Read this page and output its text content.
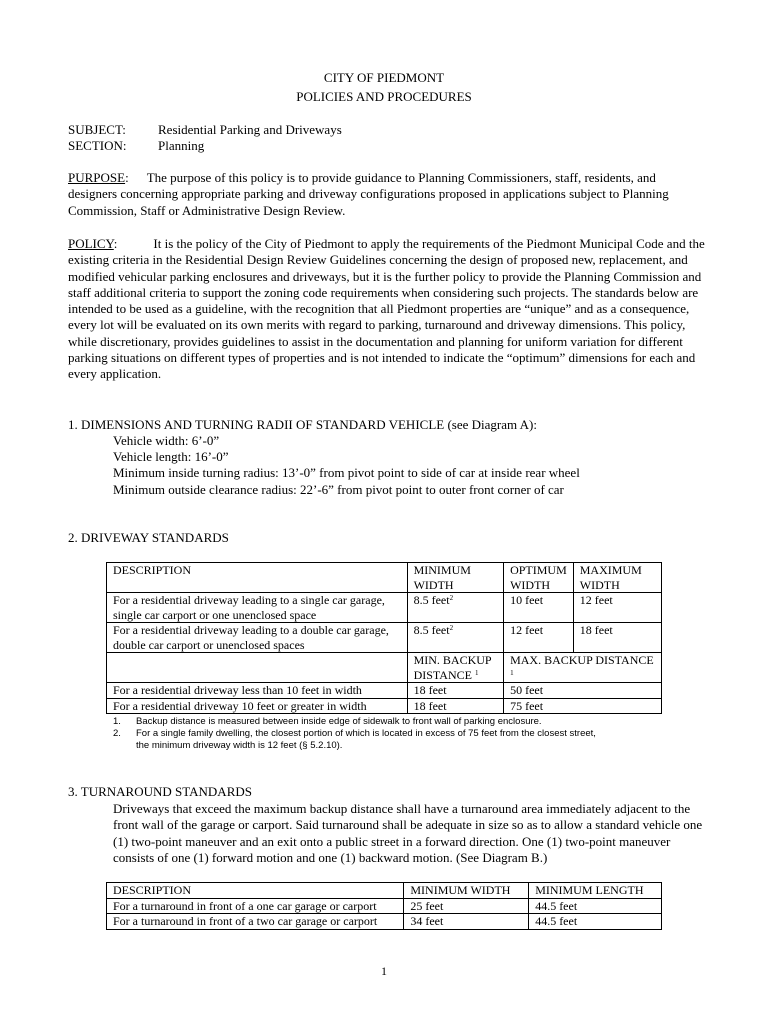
CITY OF PIEDMONT
POLICIES AND PROCEDURES
SUBJECT: Residential Parking and Driveways
SECTION: Planning
PURPOSE: The purpose of this policy is to provide guidance to Planning Commissioners, staff, residents, and designers concerning appropriate parking and driveway configurations proposed in applications subject to Planning Commission, Staff or Administrative Design Review.
POLICY:	It is the policy of the City of Piedmont to apply the requirements of the Piedmont Municipal Code and the existing criteria in the Residential Design Review Guidelines concerning the design of proposed new, replacement, and modified vehicular parking enclosures and driveways, but it is the further policy to provide the Planning Commission and staff additional criteria to support the zoning code requirements when considering such projects. The standards below are intended to be used as a guideline, with the recognition that all Piedmont properties are “unique” and as a consequence, every lot will be evaluated on its own merits with regard to parking, turnaround and driveway dimensions. This policy, while discretionary, provides guidelines to assist in the documentation and planning for uniform variation for different parking situations on different types of properties and is not intended to indicate the “optimum” dimensions for each and every application.
1. DIMENSIONS AND TURNING RADII OF STANDARD VEHICLE (see Diagram A):
Vehicle width: 6’-0”
Vehicle length: 16’-0”
Minimum inside turning radius: 13’-0” from pivot point to side of car at inside rear wheel
Minimum outside clearance radius: 22’-6” from pivot point to outer front corner of car
2. DRIVEWAY STANDARDS
DESCRIPTION	MINIMUM WIDTH	OPTIMUM WIDTH	MAXIMUM WIDTH
For a residential driveway leading to a single car garage, single car carport or one unenclosed space	8.5 feet$^2$	10 feet	12 feet
For a residential driveway leading to a double car garage, double car carport or unenclosed spaces	8.5 feet$^2$	12 feet	18 feet
	MIN. BACKUP DISTANCE $^1$	MAX. BACKUP DISTANCE $^1$
For a residential driveway less than 10 feet in width	18 feet	50 feet	
For a residential driveway 10 feet or greater in width	18 feet	75 feet	
1. Backup distance is measured between inside edge of sidewalk to front wall of parking enclosure.
2. For a single family dwelling, the closest portion of which is located in excess of 75 feet from the closest street,
the minimum driveway width is 12 feet (§ 5.2.10).
3. TURNAROUND STANDARDS
Driveways that exceed the maximum backup distance shall have a turnaround area immediately adjacent to the front wall of the garage or carport. Said turnaround shall be adequate in size so as to allow a standard vehicle one (1) two-point maneuver and an exit onto a public street in a forward direction. One (1) two-point maneuver consists of one (1) forward motion and one (1) backward motion. (See Diagram B.)
DESCRIPTION	MINIMUM WIDTH	MINIMUM LENGTH
For a turnaround in front of a one car garage or carport	25 feet	44.5 feet
For a turnaround in front of a two car garage or carport	34 feet	44.5 feet
1
